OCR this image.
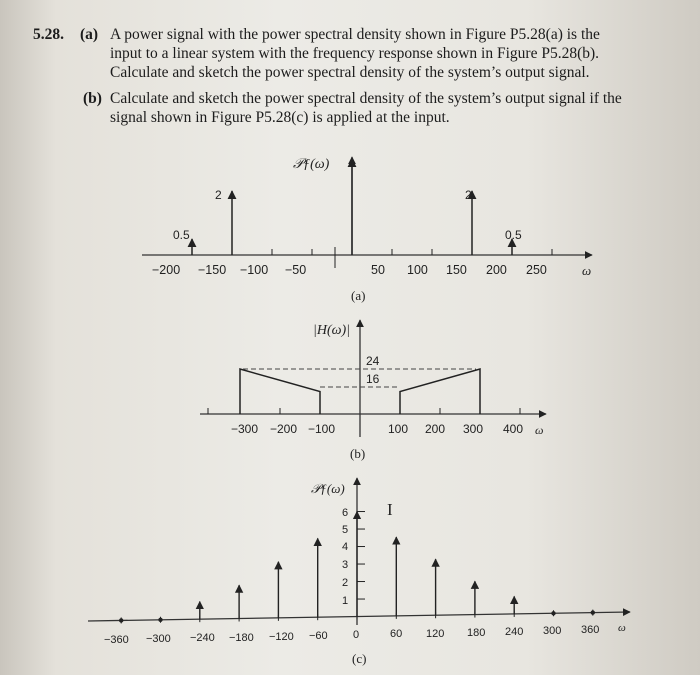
5.28. (a) A power signal with the power spectral density shown in Figure P5.28(a) is the
input to a linear system with the frequency response shown in Figure P5.28(b).
Calculate and sketch the power spectral density of the system’s output signal.
(b) Calculate and sketch the power spectral density of the system’s output signal if the
signal shown in Figure P5.28(c) is applied at the input.
𝒫ƒ(ω)
ω
−200 −150 −100 −50	50 100 150 200 250
0.5
2	2
0.5
(a)
|H(ω)|
ω
24
16
−300 −200 −100	100 200 300 400
(b)
𝒫ƒ(ω)
ω
I
6
5
4
3
2
1
−360 −300 −240 −180 −120 −60 0	60 120 180 240 300 360
(c)
